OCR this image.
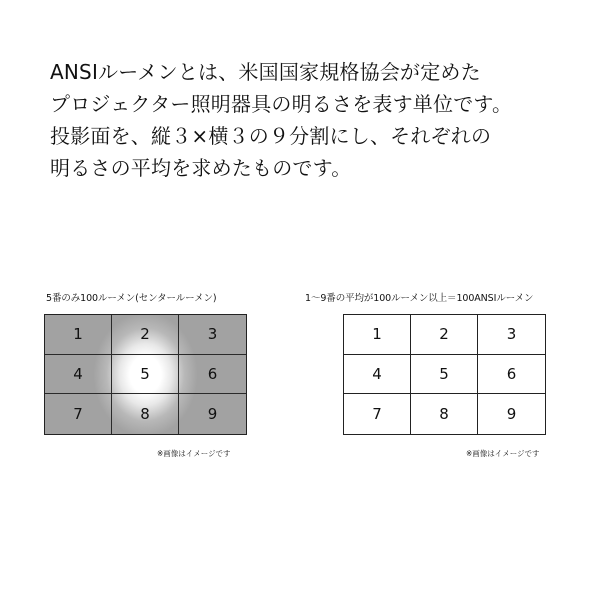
ANSIルーメンとは、米国国家規格協会が定めた
プロジェクター照明器具の明るさを表す単位です。
投影面を、縦３×横３の９分割にし、それぞれの
明るさの平均を求めたものです。
5番のみ100ルーメン(センタールーメン)
1	2	3
4	5	6
7	8	9
※画像はイメージです
1～9番の平均が100ルーメン以上＝100ANSIルーメン
1	2	3
4	5	6
7	8	9
※画像はイメージです
